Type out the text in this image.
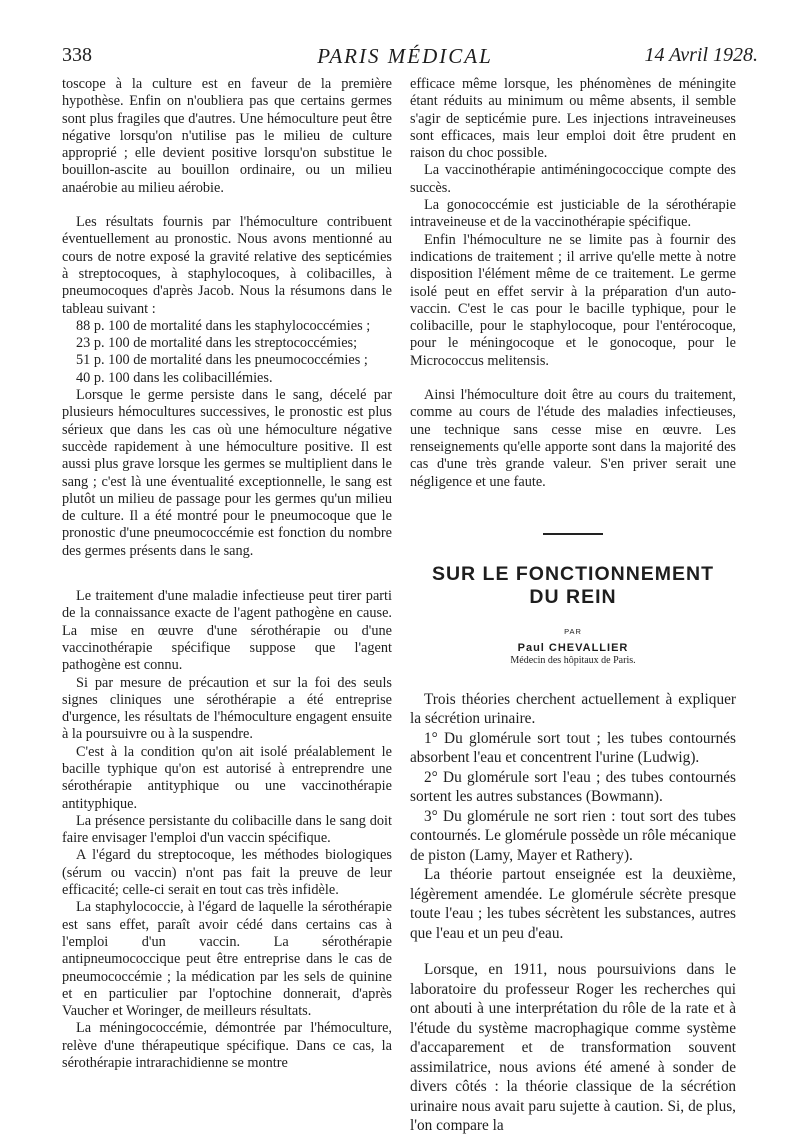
338	PARIS MÉDICAL	14 Avril 1928.

toscope à la culture est en faveur de la première hypothèse. Enfin on n'oubliera pas que certains germes sont plus fragiles que d'autres. Une hémoculture peut être négative lorsqu'on n'utilise pas le milieu de culture approprié ; elle devient positive lorsqu'on substitue le bouillon-ascite au bouillon ordinaire, ou un milieu anaérobie au milieu aérobie.

Les résultats fournis par l'hémoculture contribuent éventuellement au pronostic. Nous avons mentionné au cours de notre exposé la gravité relative des septicémies à streptocoques, à staphylocoques, à colibacilles, à pneumocoques d'après Jacob. Nous la résumons dans le tableau suivant :

88 p. 100 de mortalité dans les staphylococcémies ;

23 p. 100 de mortalité dans les streptococcémies;

51 p. 100 de mortalité dans les pneumococcémies ;

40 p. 100 dans les colibacillémies.

Lorsque le germe persiste dans le sang, décelé par plusieurs hémocultures successives, le pronostic est plus sérieux que dans les cas où une hémoculture négative succède rapidement à une hémoculture positive. Il est aussi plus grave lorsque les germes se multiplient dans le sang ; c'est là une éventualité exceptionnelle, le sang est plutôt un milieu de passage pour les germes qu'un milieu de culture. Il a été montré pour le pneumocoque que le pronostic d'une pneumococcémie est fonction du nombre des germes présents dans le sang.

Le traitement d'une maladie infectieuse peut tirer parti de la connaissance exacte de l'agent pathogène en cause. La mise en œuvre d'une sérothérapie ou d'une vaccinothérapie spécifique suppose que l'agent pathogène est connu.

Si par mesure de précaution et sur la foi des seuls signes cliniques une sérothérapie a été entreprise d'urgence, les résultats de l'hémoculture engagent ensuite à la poursuivre ou à la suspendre.

C'est à la condition qu'on ait isolé préalablement le bacille typhique qu'on est autorisé à entreprendre une sérothérapie antityphique ou une vaccinothérapie antityphique.

La présence persistante du colibacille dans le sang doit faire envisager l'emploi d'un vaccin spécifique.

A l'égard du streptocoque, les méthodes biologiques (sérum ou vaccin) n'ont pas fait la preuve de leur efficacité; celle-ci serait en tout cas très infidèle.

La staphylococcie, à l'égard de laquelle la sérothérapie est sans effet, paraît avoir cédé dans certains cas à l'emploi d'un vaccin. La sérothérapie antipneumococcique peut être entreprise dans le cas de pneumococcémie ; la médication par les sels de quinine et en particulier par l'optochine donnerait, d'après Vaucher et Woringer, de meilleurs résultats.

La méningococcémie, démontrée par l'hémoculture, relève d'une thérapeutique spécifique. Dans ce cas, la sérothérapie intrarachidienne se montre

efficace même lorsque, les phénomènes de méningite étant réduits au minimum ou même absents, il semble s'agir de septicémie pure. Les injections intraveineuses sont efficaces, mais leur emploi doit être prudent en raison du choc possible.

La vaccinothérapie antiméningococcique compte des succès.

La gonococcémie est justiciable de la sérothérapie intraveineuse et de la vaccinothérapie spécifique.

Enfin l'hémoculture ne se limite pas à fournir des indications de traitement ; il arrive qu'elle mette à notre disposition l'élément même de ce traitement. Le germe isolé peut en effet servir à la préparation d'un auto-vaccin. C'est le cas pour le bacille typhique, pour le colibacille, pour le staphylocoque, pour l'entérocoque, pour le méningocoque et le gonocoque, pour le Micrococcus melitensis.

Ainsi l'hémoculture doit être au cours du traitement, comme au cours de l'étude des maladies infectieuses, une technique sans cesse mise en œuvre. Les renseignements qu'elle apporte sont dans la majorité des cas d'une très grande valeur. S'en priver serait une négligence et une faute.

SUR LE FONCTIONNEMENT
DU REIN
PAR
Paul CHEVALLIER
Médecin des hôpitaux de Paris.

Trois théories cherchent actuellement à expliquer la sécrétion urinaire.

1° Du glomérule sort tout ; les tubes contournés absorbent l'eau et concentrent l'urine (Ludwig).

2° Du glomérule sort l'eau ; des tubes contournés sortent les autres substances (Bowmann).

3° Du glomérule ne sort rien : tout sort des tubes contournés. Le glomérule possède un rôle mécanique de piston (Lamy, Mayer et Rathery).

La théorie partout enseignée est la deuxième, légèrement amendée. Le glomérule sécrète presque toute l'eau ; les tubes sécrètent les substances, autres que l'eau et un peu d'eau.

Lorsque, en 1911, nous poursuivions dans le laboratoire du professeur Roger les recherches qui ont abouti à une interprétation du rôle de la rate et à l'étude du système macrophagique comme système d'accaparement et de transformation souvent assimilatrice, nous avions été amené à sonder de divers côtés : la théorie classique de la sécrétion urinaire nous avait paru sujette à caution. Si, de plus, l'on compare la
